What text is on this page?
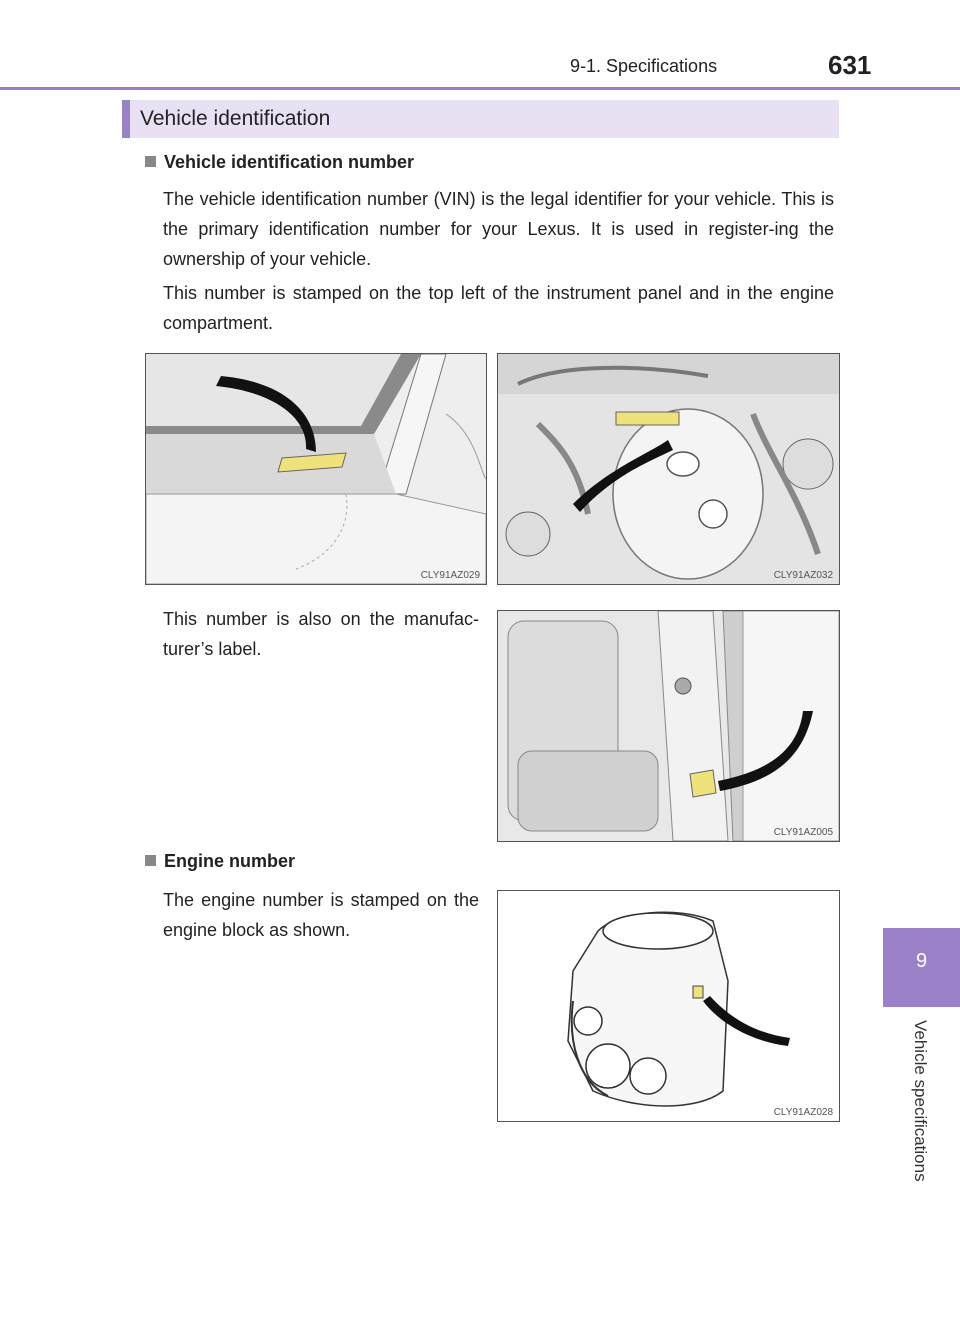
9-1. Specifications	631
9
Vehicle specifications
Vehicle identification
Vehicle identification number
The vehicle identification number (VIN) is the legal identifier for your vehicle. This is the primary identification number for your Lexus. It is used in register-ing the ownership of your vehicle.
This number is stamped on the top left of the instrument panel and in the engine compartment.
CLY91AZ029	CLY91AZ032
This number is also on the manufac-turer’s label.
CLY91AZ005
Engine number
The engine number is stamped on the engine block as shown.
CLY91AZ028
